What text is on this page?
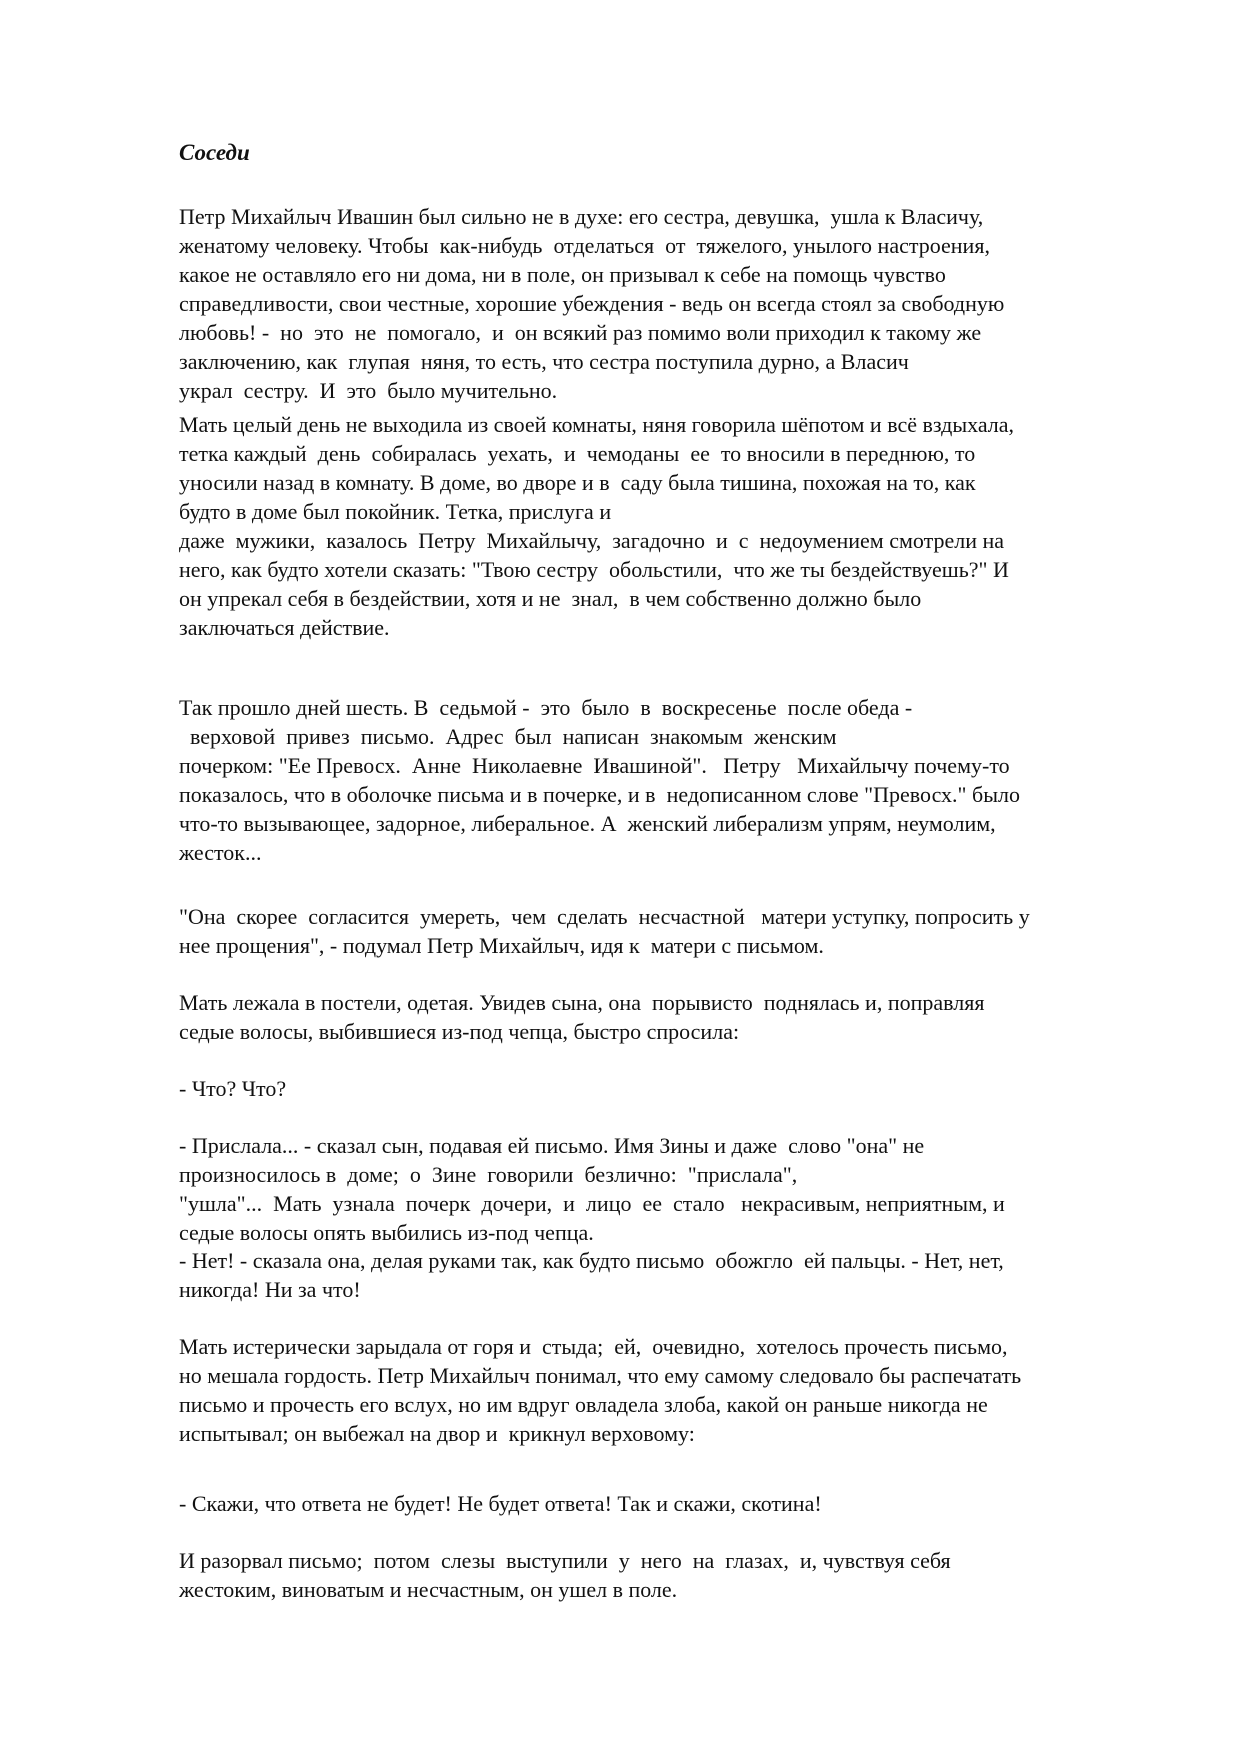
Соседи

Петр Михайлыч Ивашин был сильно не в духе: его сестра, девушка,  ушла к Власичу,
женатому человеку. Чтобы  как-нибудь  отделаться  от  тяжелого, унылого настроения,
какое не оставляло его ни дома, ни в поле, он призывал к себе на помощь чувство
справедливости, свои честные, хорошие убеждения - ведь он всегда стоял за свободную
любовь! -  но  это  не  помогало,  и  он всякий раз помимо воли приходил к такому же
заключению, как  глупая  няня, то есть, что сестра поступила дурно, а Власич
украл  сестру.  И  это  было мучительно.

Мать целый день не выходила из своей комнаты, няня говорила шёпотом и всё вздыхала,
тетка каждый  день  собиралась  уехать,  и  чемоданы  ее  то вносили в переднюю, то
уносили назад в комнату. В доме, во дворе и в  саду была тишина, похожая на то, как
будто в доме был покойник. Тетка, прислуга и
даже  мужики,  казалось  Петру  Михайлычу,  загадочно  и  с  недоумением смотрели на
него, как будто хотели сказать: "Твою сестру  обольстили,  что же ты бездействуешь?" И
он упрекал себя в бездействии, хотя и не  знал,  в чем собственно должно было
заключаться действие.

Так прошло дней шесть. В  седьмой -  это  было  в  воскресенье  после обеда -
верховой  привез  письмо.  Адрес  был  написан  знакомым  женским
почерком: "Ее Превосх.  Анне  Николаевне  Ивашиной".   Петру   Михайлычу почему-то
показалось, что в оболочке письма и в почерке, и в  недописанном слове "Превосх." было
что-то вызывающее, задорное, либеральное. А  женский либерализм упрям, неумолим,
жесток...

"Она  скорее  согласится  умереть,  чем  сделать  несчастной   матери уступку, попросить у
нее прощения", - подумал Петр Михайлыч, идя к  матери с письмом.

Мать лежала в постели, одетая. Увидев сына, она  порывисто  поднялась и, поправляя
седые волосы, выбившиеся из-под чепца, быстро спросила:

- Что? Что?

- Прислала... - сказал сын, подавая ей письмо. Имя Зины и даже  слово "она" не
произносилось в  доме;  о  Зине  говорили  безлично:  "прислала",
"ушла"...  Мать  узнала  почерк  дочери,  и  лицо  ее  стало   некрасивым, неприятным, и
седые волосы опять выбились из-под чепца.

- Нет! - сказала она, делая руками так, как будто письмо  обожгло  ей пальцы. - Нет, нет,
никогда! Ни за что!

Мать истерически зарыдала от горя и  стыда;  ей,  очевидно,  хотелось прочесть письмо,
но мешала гордость. Петр Михайлыч понимал, что ему самому следовало бы распечатать
письмо и прочесть его вслух, но им вдруг овладела злоба, какой он раньше никогда не
испытывал; он выбежал на двор и  крикнул верховому:

- Скажи, что ответа не будет! Не будет ответа! Так и скажи, скотина!

И разорвал письмо;  потом  слезы  выступили  у  него  на  глазах,  и, чувствуя себя
жестоким, виноватым и несчастным, он ушел в поле.
